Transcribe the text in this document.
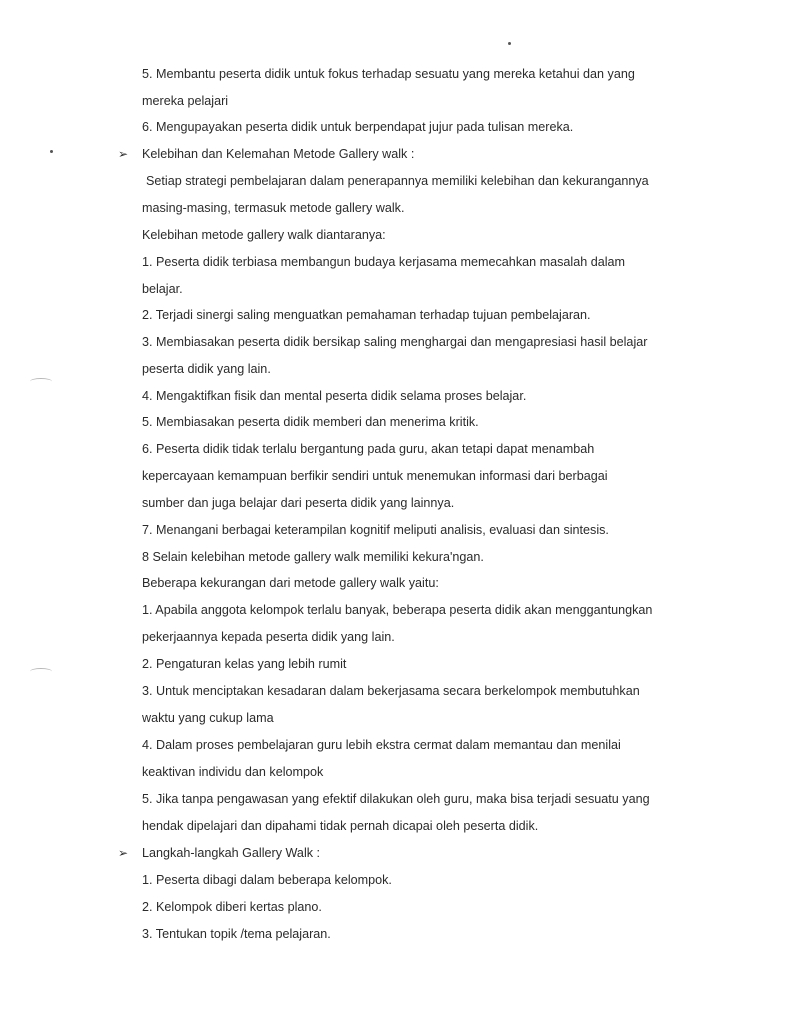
5. Membantu peserta didik untuk fokus terhadap sesuatu yang mereka ketahui dan yang
mereka pelajari
6. Mengupayakan peserta didik untuk berpendapat jujur pada tulisan mereka.
➢ Kelebihan dan Kelemahan Metode Gallery walk :
Setiap strategi pembelajaran dalam penerapannya memiliki kelebihan dan kekurangannya
masing-masing, termasuk metode gallery walk.
Kelebihan metode gallery walk diantaranya:
1. Peserta didik terbiasa membangun budaya kerjasama memecahkan masalah dalam
belajar.
2. Terjadi sinergi saling menguatkan pemahaman terhadap tujuan pembelajaran.
3. Membiasakan peserta didik bersikap saling menghargai dan mengapresiasi hasil belajar
peserta didik yang lain.
4. Mengaktifkan fisik dan mental peserta didik selama proses belajar.
5. Membiasakan peserta didik memberi dan menerima kritik.
6. Peserta didik tidak terlalu bergantung pada guru, akan tetapi dapat menambah
kepercayaan kemampuan berfikir sendiri untuk menemukan informasi dari berbagai
sumber dan juga belajar dari peserta didik yang lainnya.
7. Menangani berbagai keterampilan kognitif meliputi analisis, evaluasi dan sintesis.
8 Selain kelebihan metode gallery walk memiliki kekura'ngan.
Beberapa kekurangan dari metode gallery walk yaitu:
1. Apabila anggota kelompok terlalu banyak, beberapa peserta didik akan menggantungkan
pekerjaannya kepada peserta didik yang lain.
2. Pengaturan kelas yang lebih rumit
3. Untuk menciptakan kesadaran dalam bekerjasama secara berkelompok membutuhkan
waktu yang cukup lama
4. Dalam proses pembelajaran guru lebih ekstra cermat dalam memantau dan menilai
keaktivan individu dan kelompok
5. Jika tanpa pengawasan yang efektif dilakukan oleh guru, maka bisa terjadi sesuatu yang
hendak dipelajari dan dipahami tidak pernah dicapai oleh peserta didik.
➢ Langkah-langkah Gallery Walk :
1. Peserta dibagi dalam beberapa kelompok.
2. Kelompok diberi kertas plano.
3. Tentukan topik /tema pelajaran.
